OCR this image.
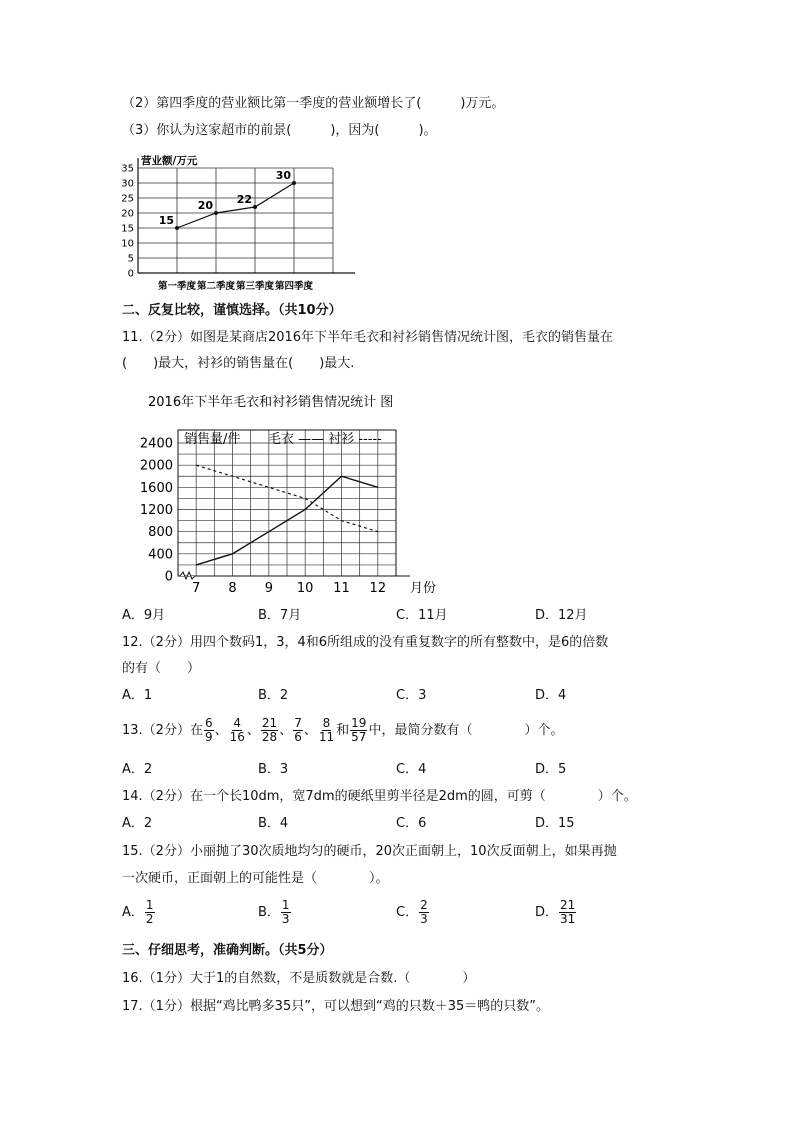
（2）第四季度的营业额比第一季度的营业额增长了(　　　)万元。
（3）你认为这家超市的前景(　　　)，因为(　　　)。
0
5
10
15
20
25
30
35
营业额/万元
15
20 22
30
第一季度 第二季度 第三季度 第四季度
二、反复比较，谨慎选择。（共10分）
11.（2分）如图是某商店2016年下半年毛衣和衬衫销售情况统计图，毛衣的销售量在
(　　)最大，衬衫的销售量在(　　)最大.
2016年下半年毛衣和衬衫销售情况统计 图
0
400
800
1200
1600
2000
2400 销售量/件 毛衣 —— 衬衫 -----
7 8 9 10 11 12 月份
A．9月	B．7月	C．11月	D．12月
12.（2分）用四个数码1，3，4和6所组成的没有重复数字的所有整数中，是6的倍数
的有（　　）
A．1	B．2	C．3	D．4
13.（2分）在 $\frac{6}{9}$ 、 $\frac{4}{16}$ 、 $\frac{21}{28}$ 、 $\frac{7}{6}$ 、 $\frac{8}{11}$ 和 $\frac{19}{57}$ 中，最简分数有（　　　　）个。
A．2	B．3	C．4	D．5
14.（2分）在一个长10dm，宽7dm的硬纸里剪半径是2dm的圆，可剪（　　　　）个。
A．2	B．4	C．6	D．15
15.（2分）小丽抛了30次质地均匀的硬币，20次正面朝上，10次反面朝上，如果再抛
一次硬币，正面朝上的可能性是（　　　　）。
A． $\frac{1}{2}$	B． $\frac{1}{3}$	C． $\frac{2}{3}$	D． $\frac{21}{31}$
三、仔细思考，准确判断。（共5分）
16.（1分）大于1的自然数，不是质数就是合数.（　　　　）
17.（1分）根据“鸡比鸭多35只”，可以想到“鸡的只数＋35＝鸭的只数”。
